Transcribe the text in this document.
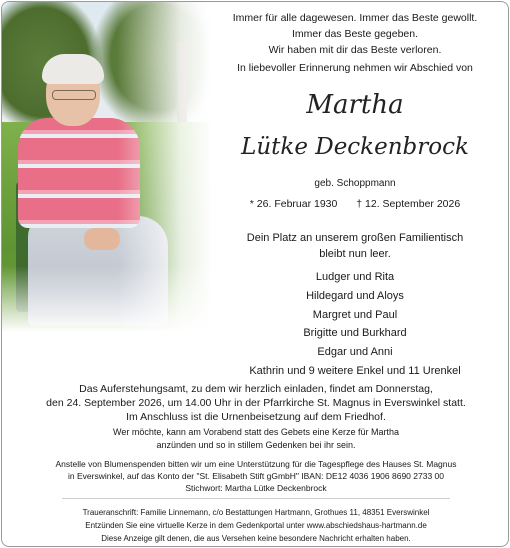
Immer für alle dagewesen. Immer das Beste gewollt.
Immer das Beste gegeben.
Wir haben mit dir das Beste verloren.
In liebevoller Erinnerung nehmen wir Abschied von
Martha
Lütke Deckenbrock
geb. Schoppmann
* 26. Februar 1930 † 12. September 2026
Dein Platz an unserem großen Familientisch
bleibt nun leer.
Ludger und Rita
Hildegard und Aloys
Margret und Paul
Brigitte und Burkhard
Edgar und Anni
Kathrin und 9 weitere Enkel und 11 Urenkel
Das Auferstehungsamt, zu dem wir herzlich einladen, findet am Donnerstag,
den 24. September 2026, um 14.00 Uhr in der Pfarrkirche St. Magnus in Everswinkel statt.
Im Anschluss ist die Urnenbeisetzung auf dem Friedhof.
Wer möchte, kann am Vorabend statt des Gebets eine Kerze für Martha
anzünden und so in stillem Gedenken bei ihr sein.
Anstelle von Blumenspenden bitten wir um eine Unterstützung für die Tagespflege des Hauses St. Magnus
in Everswinkel, auf das Konto der "St. Elisabeth Stift gGmbH" IBAN: DE12 4036 1906 8690 2733 00
Stichwort: Martha Lütke Deckenbrock
Traueranschrift: Familie Linnemann, c/o Bestattungen Hartmann, Grothues 11, 48351 Everswinkel
Entzünden Sie eine virtuelle Kerze in dem Gedenkportal unter www.abschiedshaus-hartmann.de
Diese Anzeige gilt denen, die aus Versehen keine besondere Nachricht erhalten haben.
